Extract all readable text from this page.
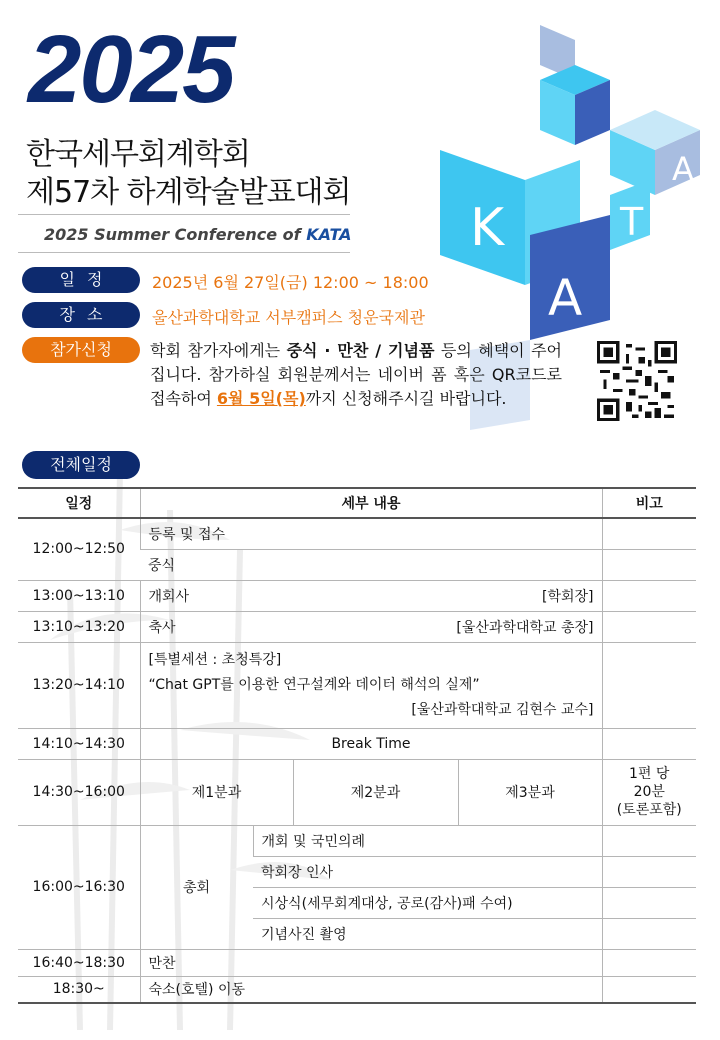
2025
한국세무회계학회
제57차 하계학술발표대회
2025 Summer Conference of KATA K
A
T
A
일정	2025년 6월 27일(금) 12:00 ~ 18:00
장소	울산과학대학교 서부캠퍼스 청운국제관
참가신청	학회 참가자에게는 중식 · 만찬 / 기념품 등의 혜택이 주어집니다. 참가하실 회원분께서는 네이버 폼 혹은 QR코드로 접속하여 6월 5일(목)까지 신청해주시길 바랍니다.
전체일정
일정	세부 내용				비고
12:00~12:50	등록 및 접수				
	중식				
13:00~13:10	개회사 [학회장]				

13:10~13:20	축사 [울산과학대학교 총장]				

13:20~14:10	[특별세션 : 초청특강]
“Chat GPT를 이용한 연구설계와 데이터 해석의 실제”
[울산과학대학교 김현수 교수]				

14:10~14:30	Break Time				
14:30~16:00	제1분과		제2분과	제3분과	1편 당
20분
(토론포함)

16:00~16:30	총회	개회 및 국민의례			
		학회장 인사			
		시상식(세무회계대상, 공로(감사)패 수여)			
		기념사진 촬영			
16:40~18:30	만찬				
18:30~	숙소(호텔) 이동				
